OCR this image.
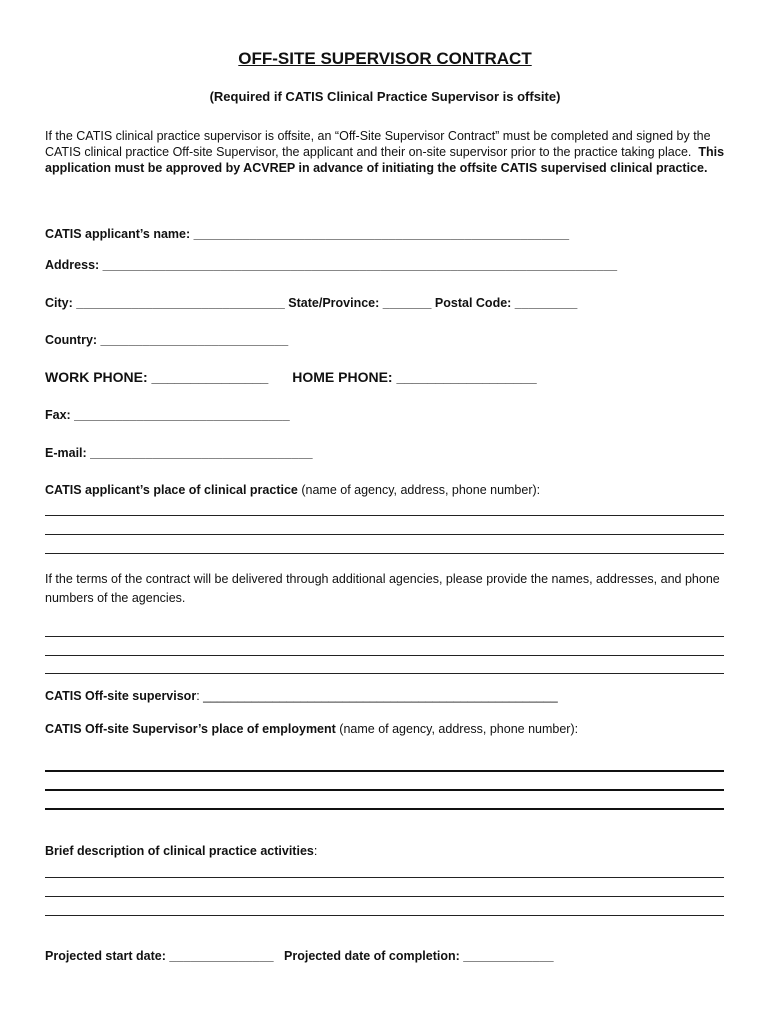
OFF-SITE SUPERVISOR CONTRACT

(Required if CATIS Clinical Practice Supervisor is offsite)

If the CATIS clinical practice supervisor is offsite, an “Off-Site Supervisor Contract” must be completed and signed by the CATIS clinical practice Off-site Supervisor, the applicant and their on-site supervisor prior to the practice taking place. This application must be approved by ACVREP in advance of initiating the offsite CATIS supervised clinical practice.

CATIS applicant’s name: ______________________________________________________
Address: __________________________________________________________________________
City: ______________________________ State/Province: _______ Postal Code: _________
Country: ___________________________
WORK PHONE: _______________ HOME PHONE: __________________
Fax: _______________________________
E-mail: ________________________________
CATIS applicant’s place of clinical practice (name of agency, address, phone number):

If the terms of the contract will be delivered through additional agencies, please provide the names, addresses, and phone numbers of the agencies.

CATIS Off-site supervisor: ___________________________________________________
CATIS Off-site Supervisor’s place of employment (name of agency, address, phone number):
Brief description of clinical practice activities:
Projected start date: _______________ Projected date of completion: _____________
